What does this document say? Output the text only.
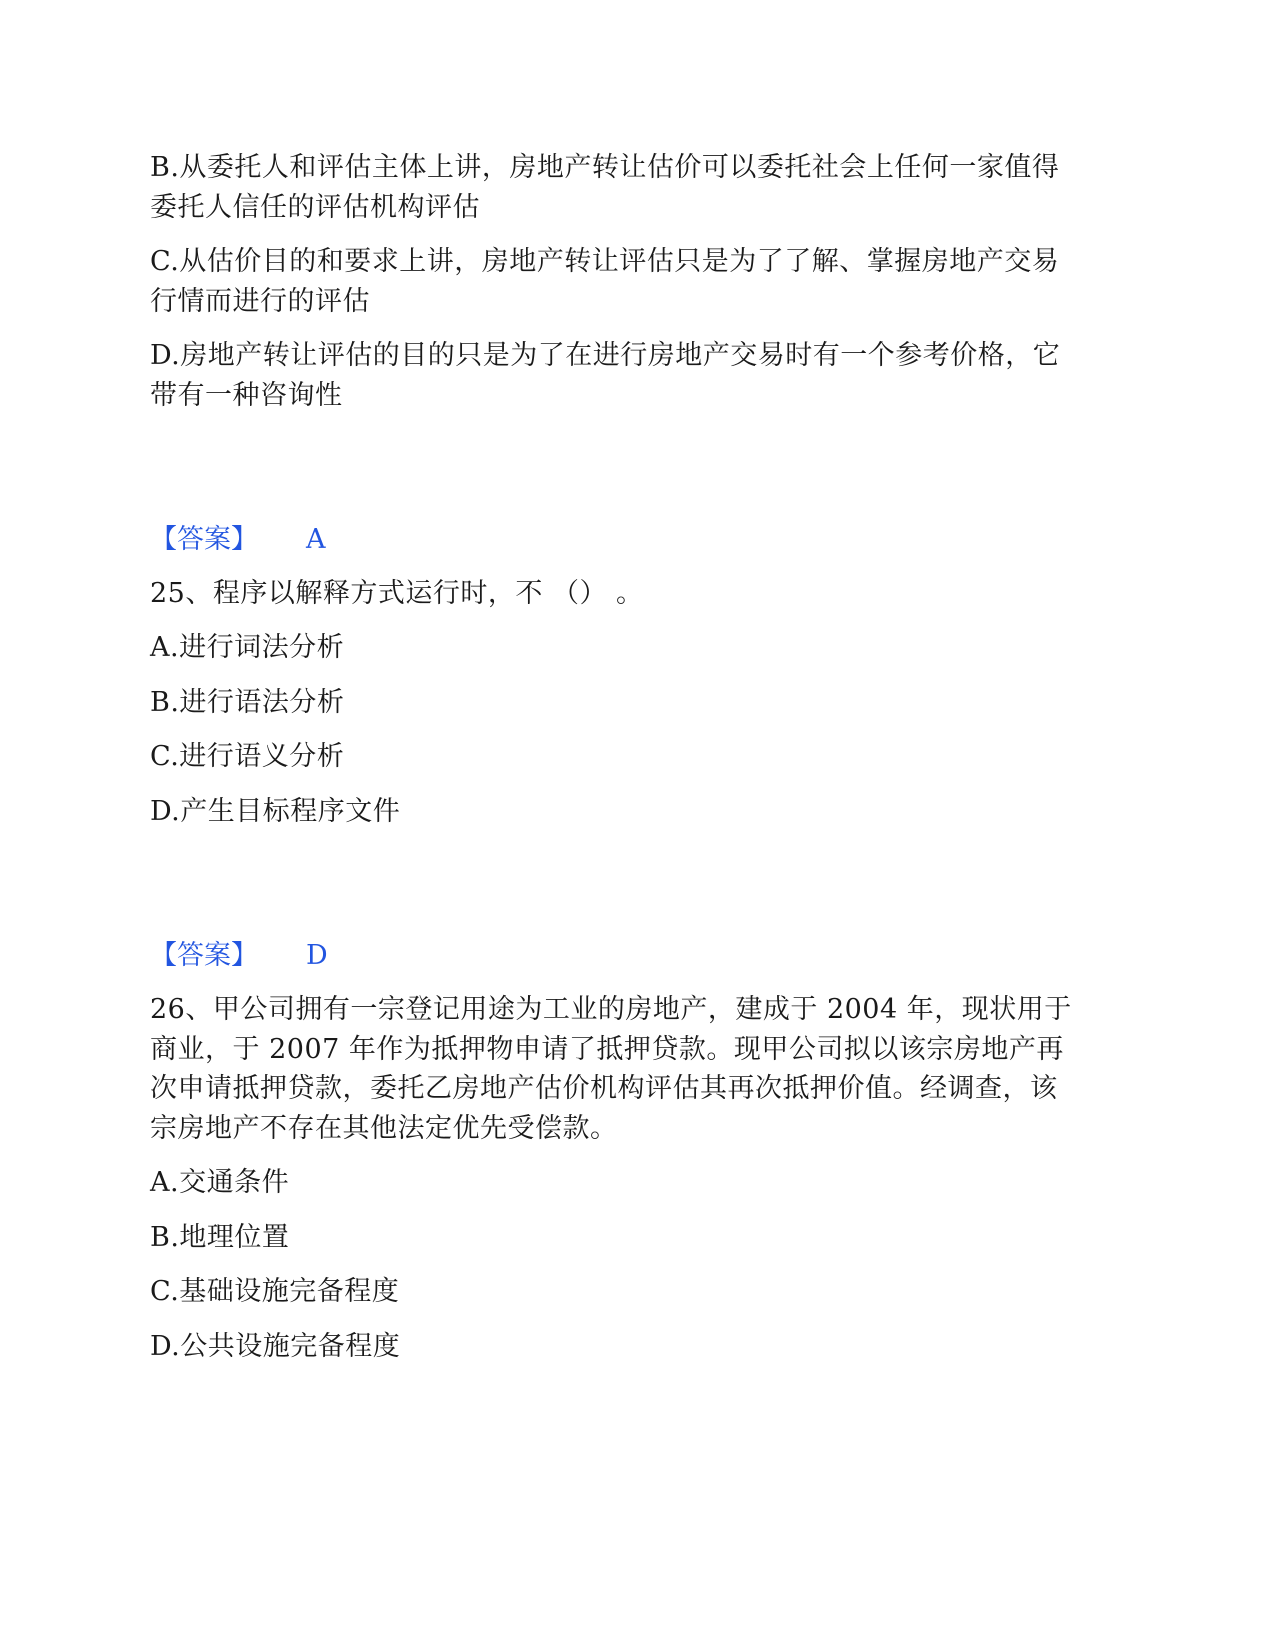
B.从委托人和评估主体上讲，房地产转让估价可以委托社会上任何一家值得
委托人信任的评估机构评估
C.从估价目的和要求上讲，房地产转让评估只是为了了解、掌握房地产交易
行情而进行的评估
D.房地产转让评估的目的只是为了在进行房地产交易时有一个参考价格，它
带有一种咨询性
【答案】 A
25、程序以解释方式运行时，不 （） 。
A.进行词法分析
B.进行语法分析
C.进行语义分析
D.产生目标程序文件
【答案】 D
26、甲公司拥有一宗登记用途为工业的房地产，建成于 2004 年，现状用于
商业，于 2007 年作为抵押物申请了抵押贷款。现甲公司拟以该宗房地产再
次申请抵押贷款，委托乙房地产估价机构评估其再次抵押价值。经调查，该
宗房地产不存在其他法定优先受偿款。
A.交通条件
B.地理位置
C.基础设施完备程度
D.公共设施完备程度
